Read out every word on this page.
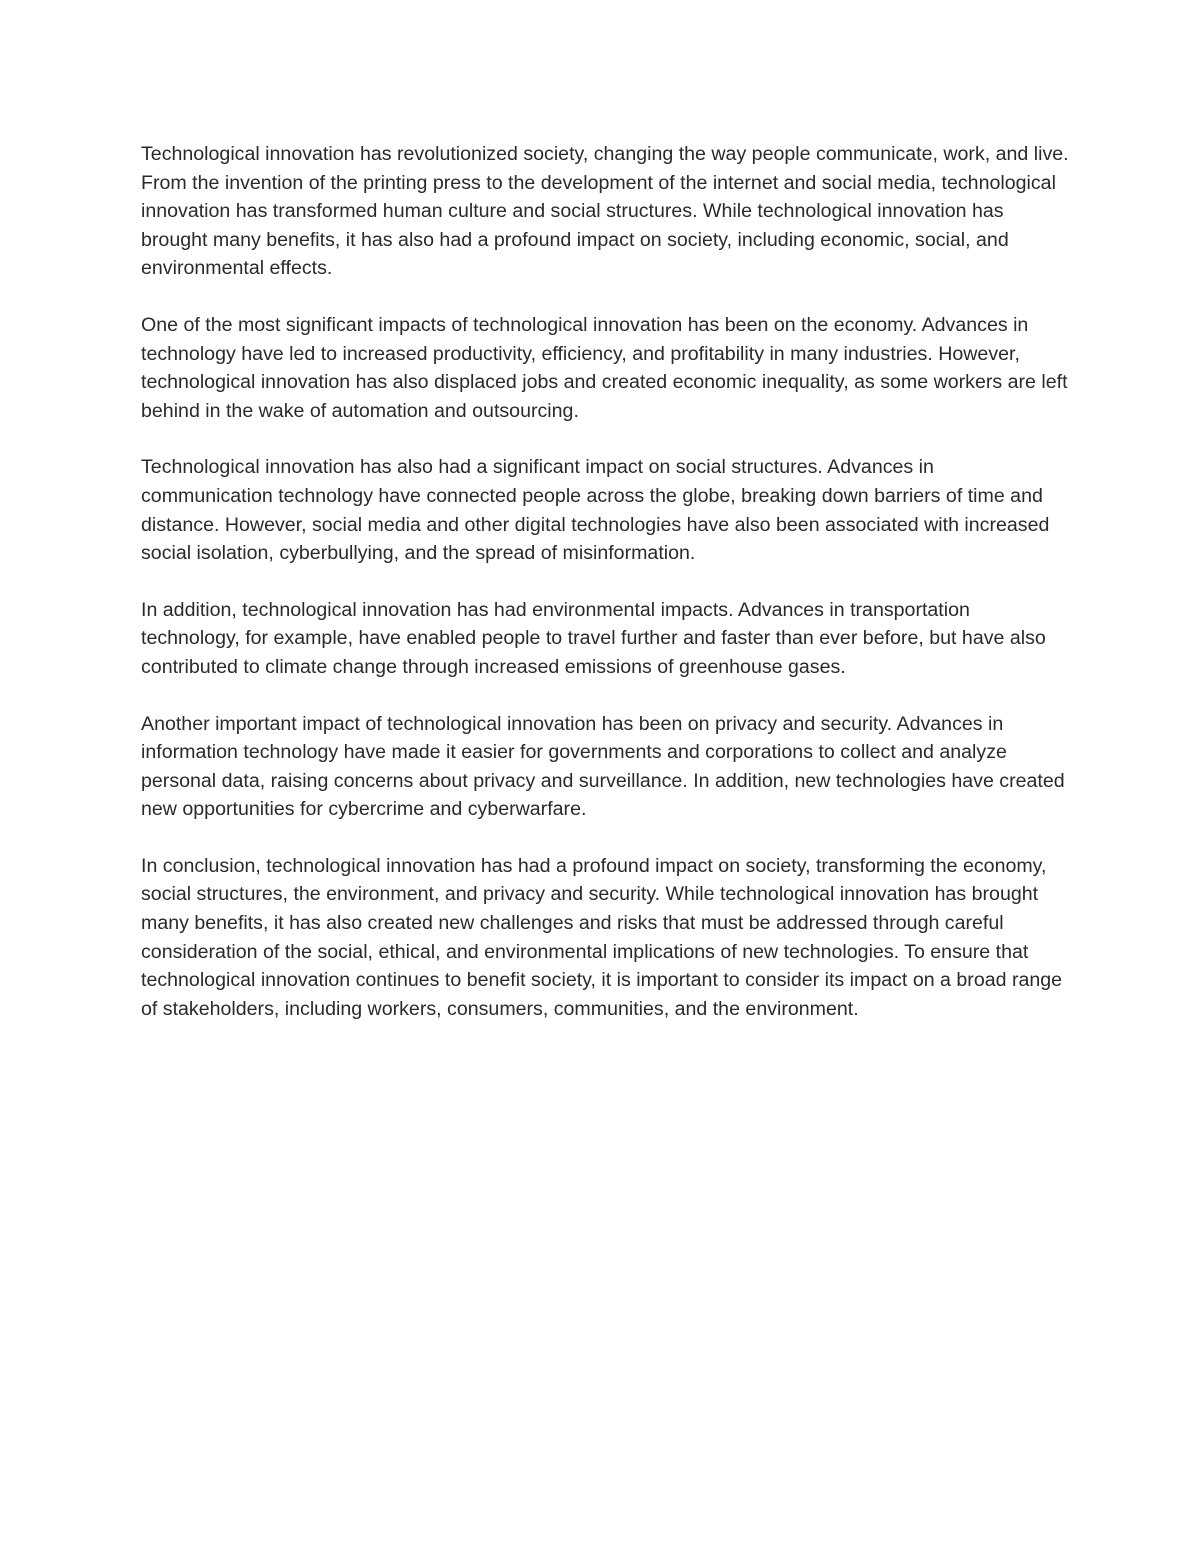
Technological innovation has revolutionized society, changing the way people communicate, work, and live. From the invention of the printing press to the development of the internet and social media, technological innovation has transformed human culture and social structures. While technological innovation has brought many benefits, it has also had a profound impact on society, including economic, social, and environmental effects.

One of the most significant impacts of technological innovation has been on the economy. Advances in technology have led to increased productivity, efficiency, and profitability in many industries. However, technological innovation has also displaced jobs and created economic inequality, as some workers are left behind in the wake of automation and outsourcing.

Technological innovation has also had a significant impact on social structures. Advances in communication technology have connected people across the globe, breaking down barriers of time and distance. However, social media and other digital technologies have also been associated with increased social isolation, cyberbullying, and the spread of misinformation.

In addition, technological innovation has had environmental impacts. Advances in transportation technology, for example, have enabled people to travel further and faster than ever before, but have also contributed to climate change through increased emissions of greenhouse gases.

Another important impact of technological innovation has been on privacy and security. Advances in information technology have made it easier for governments and corporations to collect and analyze personal data, raising concerns about privacy and surveillance. In addition, new technologies have created new opportunities for cybercrime and cyberwarfare.

In conclusion, technological innovation has had a profound impact on society, transforming the economy, social structures, the environment, and privacy and security. While technological innovation has brought many benefits, it has also created new challenges and risks that must be addressed through careful consideration of the social, ethical, and environmental implications of new technologies. To ensure that technological innovation continues to benefit society, it is important to consider its impact on a broad range of stakeholders, including workers, consumers, communities, and the environment.
